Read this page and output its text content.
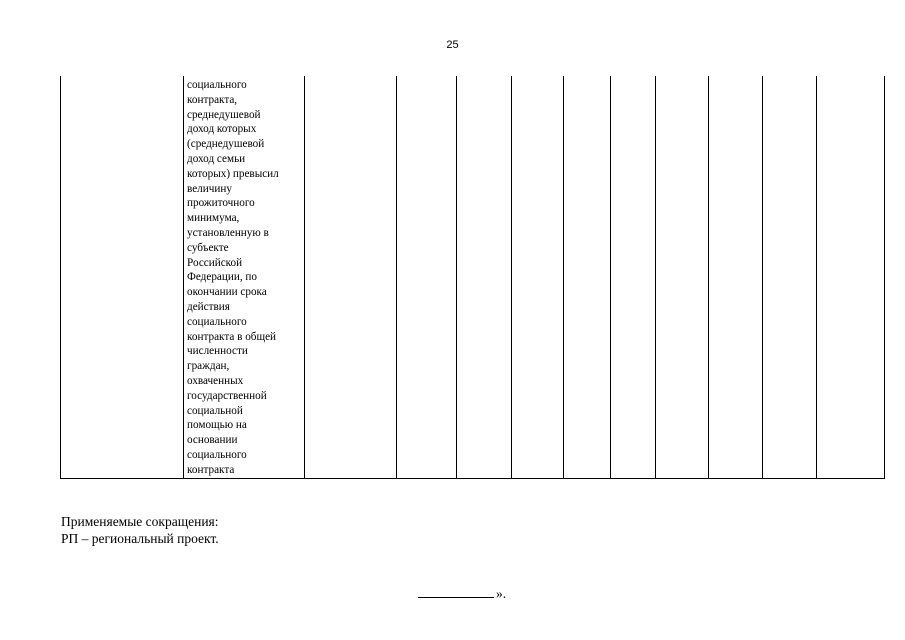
25

социального
контракта,
среднедушевой
доход которых
(среднедушевой
доход семьи
которых) превысил
величину
прожиточного
минимума,
установленную в
субъекте
Российской
Федерации, по
окончании срока
действия
социального
контракта в общей
численности
граждан,
охваченных
государственной
социальной
помощью на
основании
социального
контракта

Применяемые сокращения:
РП – региональный проект.
».
